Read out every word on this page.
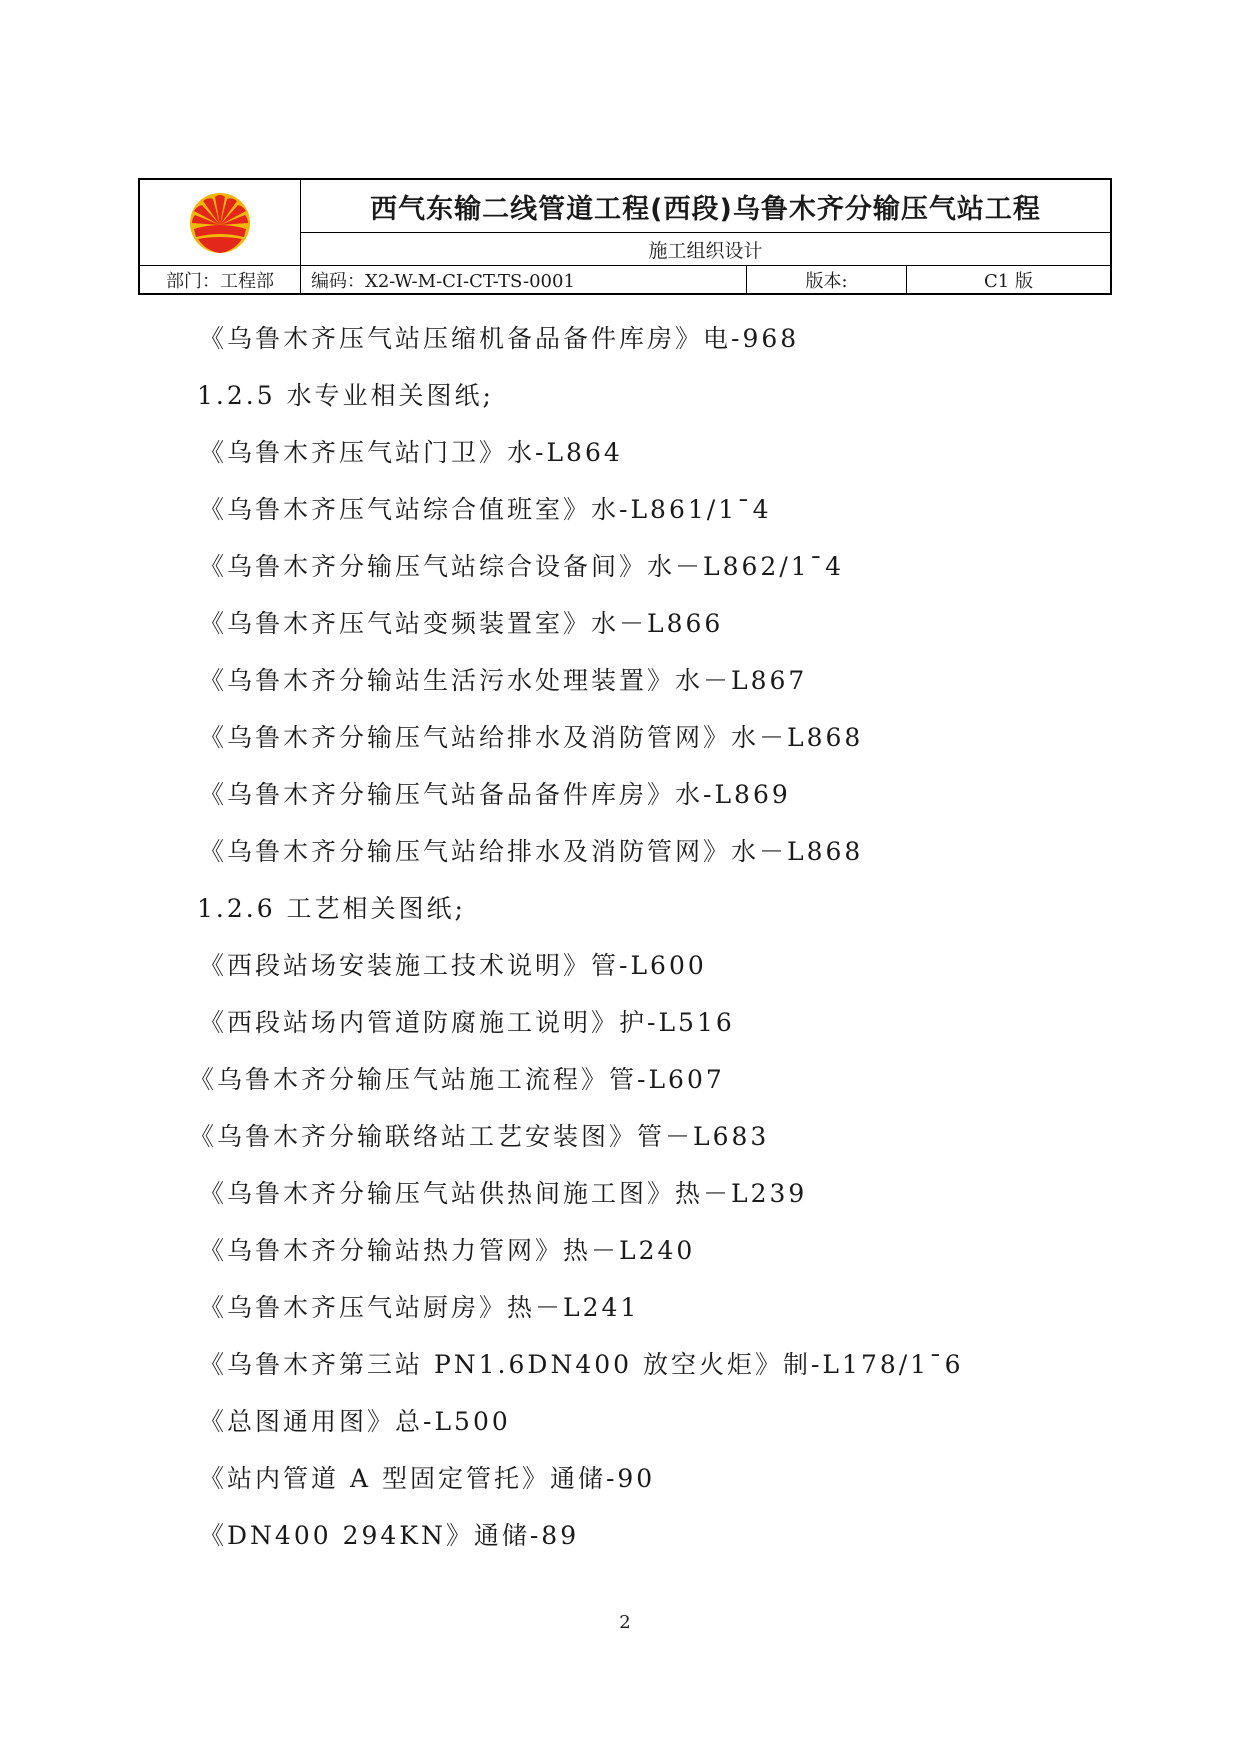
西气东输二线管道工程(西段)乌鲁木齐分输压气站工程
施工组织设计
部门：工程部	编码：X2-W-M-CI-CT-TS-0001	版本:	C1 版
《乌鲁木齐压气站压缩机备品备件库房》电-968
1.2.5 水专业相关图纸;
《乌鲁木齐压气站门卫》水-L864
《乌鲁木齐压气站综合值班室》水-L861/1¯4
《乌鲁木齐分输压气站综合设备间》水－L862/1¯4
《乌鲁木齐压气站变频装置室》水－L866
《乌鲁木齐分输站生活污水处理装置》水－L867
《乌鲁木齐分输压气站给排水及消防管网》水－L868
《乌鲁木齐分输压气站备品备件库房》水-L869
《乌鲁木齐分输压气站给排水及消防管网》水－L868
1.2.6 工艺相关图纸;
《西段站场安装施工技术说明》管-L600
《西段站场内管道防腐施工说明》护-L516
《乌鲁木齐分输压气站施工流程》管-L607
《乌鲁木齐分输联络站工艺安装图》管－L683
《乌鲁木齐分输压气站供热间施工图》热－L239
《乌鲁木齐分输站热力管网》热－L240
《乌鲁木齐压气站厨房》热－L241
《乌鲁木齐第三站 PN1.6DN400 放空火炬》制-L178/1¯6
《总图通用图》总-L500
《站内管道 A 型固定管托》通储-90
《DN400 294KN》通储-89
2
